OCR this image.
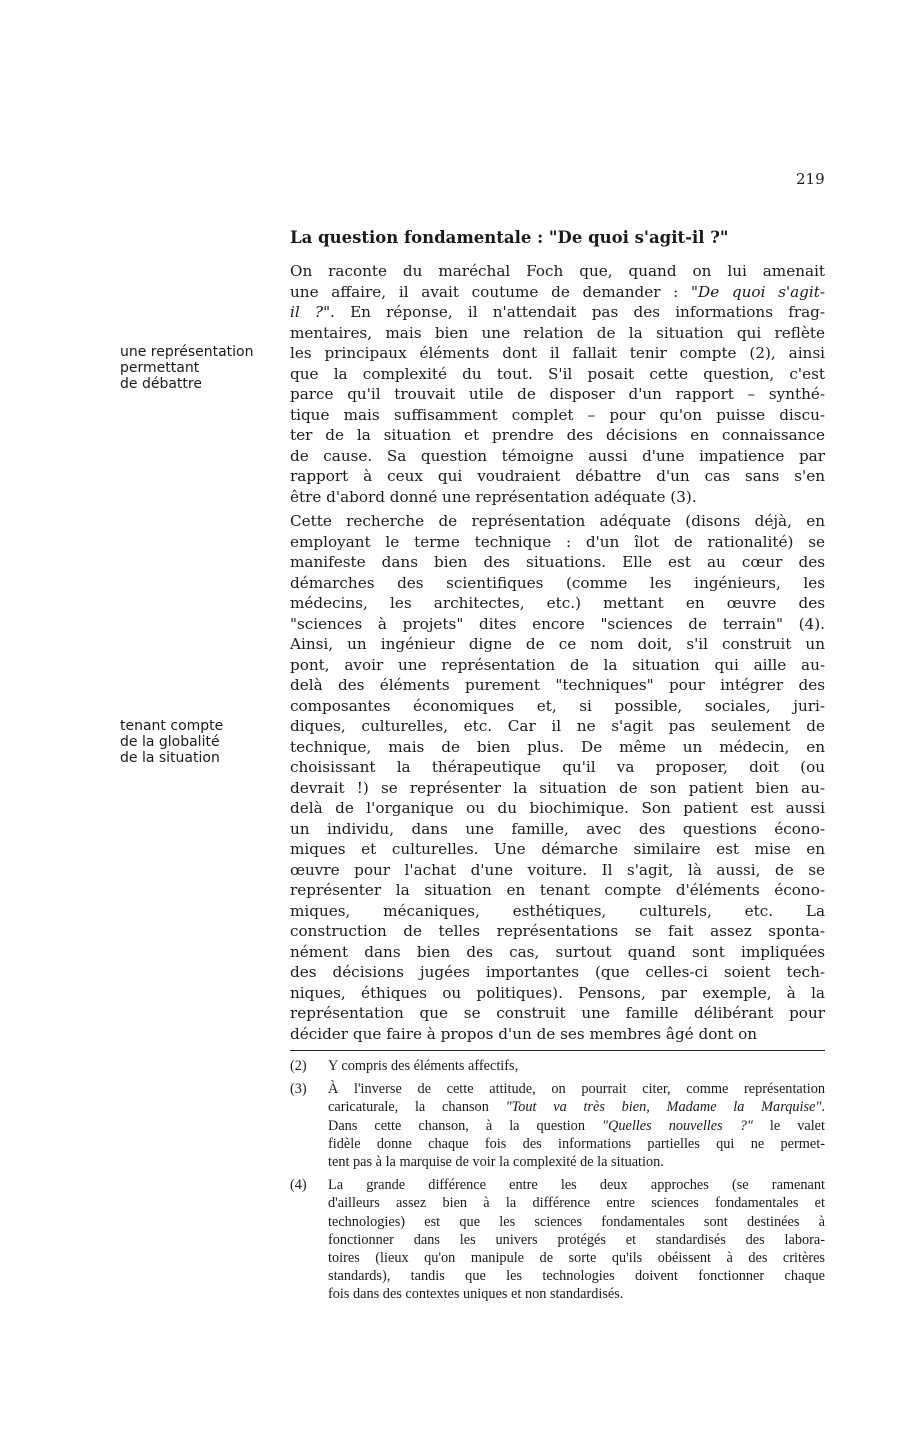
219
La question fondamentale : "De quoi s'agit-il ?"
une représentation
permettant
de débattre
tenant compte
de la globalité
de la situation
On raconte du maréchal Foch que, quand on lui amenait
une affaire, il avait coutume de demander : "De quoi s'agit-
il ?". En réponse, il n'attendait pas des informations frag-
mentaires, mais bien une relation de la situation qui reflète
les principaux éléments dont il fallait tenir compte (2), ainsi
que la complexité du tout. S'il posait cette question, c'est
parce qu'il trouvait utile de disposer d'un rapport – synthé-
tique mais suffisamment complet – pour qu'on puisse discu-
ter de la situation et prendre des décisions en connaissance
de cause. Sa question témoigne aussi d'une impatience par
rapport à ceux qui voudraient débattre d'un cas sans s'en
être d'abord donné une représentation adéquate (3).
Cette recherche de représentation adéquate (disons déjà, en
employant le terme technique : d'un îlot de rationalité) se
manifeste dans bien des situations. Elle est au cœur des
démarches des scientifiques (comme les ingénieurs, les
médecins, les architectes, etc.) mettant en œuvre des
"sciences à projets" dites encore "sciences de terrain" (4).
Ainsi, un ingénieur digne de ce nom doit, s'il construit un
pont, avoir une représentation de la situation qui aille au-
delà des éléments purement "techniques" pour intégrer des
composantes économiques et, si possible, sociales, juri-
diques, culturelles, etc. Car il ne s'agit pas seulement de
technique, mais de bien plus. De même un médecin, en
choisissant la thérapeutique qu'il va proposer, doit (ou
devrait !) se représenter la situation de son patient bien au-
delà de l'organique ou du biochimique. Son patient est aussi
un individu, dans une famille, avec des questions écono-
miques et culturelles. Une démarche similaire est mise en
œuvre pour l'achat d'une voiture. Il s'agit, là aussi, de se
représenter la situation en tenant compte d'éléments écono-
miques, mécaniques, esthétiques, culturels, etc. La
construction de telles représentations se fait assez sponta-
nément dans bien des cas, surtout quand sont impliquées
des décisions jugées importantes (que celles-ci soient tech-
niques, éthiques ou politiques). Pensons, par exemple, à la
représentation que se construit une famille délibérant pour
décider que faire à propos d'un de ses membres âgé dont on
(2)	Y compris des éléments affectifs,
(3)	À l'inverse de cette attitude, on pourrait citer, comme représentation
caricaturale, la chanson "Tout va très bien, Madame la Marquise".
Dans cette chanson, à la question "Quelles nouvelles ?" le valet
fidèle donne chaque fois des informations partielles qui ne permet-
tent pas à la marquise de voir la complexité de la situation.
(4)	La grande différence entre les deux approches (se ramenant
d'ailleurs assez bien à la différence entre sciences fondamentales et
technologies) est que les sciences fondamentales sont destinées à
fonctionner dans les univers protégés et standardisés des labora-
toires (lieux qu'on manipule de sorte qu'ils obéissent à des critères
standards), tandis que les technologies doivent fonctionner chaque
fois dans des contextes uniques et non standardisés.
